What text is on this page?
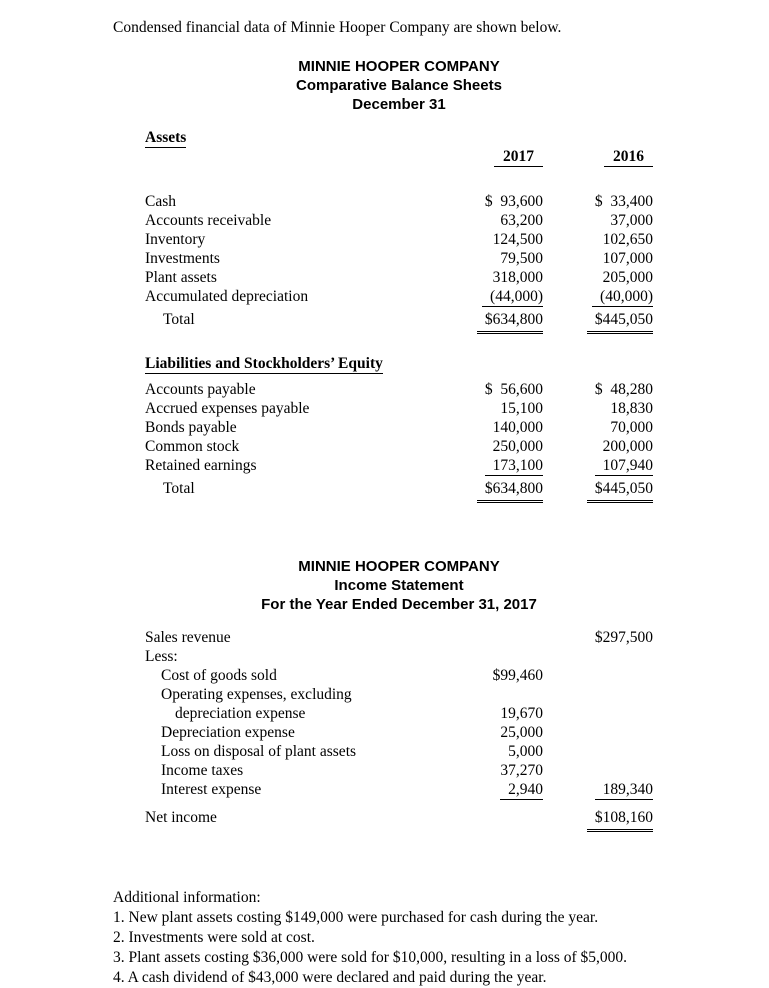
Condensed financial data of Minnie Hooper Company are shown below.

MINNIE HOOPER COMPANY
Comparative Balance Sheets
December 31
Assets

2017
	2016

Cash	$  93,600	$  33,400
Accounts receivable	63,200	37,000
Inventory	124,500	102,650
Investments	79,500	107,000
Plant assets	318,000	205,000
Accumulated depreciation	(44,000)	(40,000)
Total	$634,800	$445,050
Liabilities and Stockholders’ Equity
Accounts payable	$  56,600	$  48,280
Accrued expenses payable	15,100	18,830
Bonds payable	140,000	70,000
Common stock	250,000	200,000
Retained earnings	173,100	107,940
Total	$634,800	$445,050
MINNIE HOOPER COMPANY
Income Statement
For the Year Ended December 31, 2017
Sales revenue	$297,500
Less:
Cost of goods sold	$99,460
Operating expenses, excluding
depreciation expense	19,670
Depreciation expense	25,000
Loss on disposal of plant assets	5,000
Income taxes	37,270
Interest expense	2,940	189,340
Net income	$108,160

Additional information:

1. New plant assets costing $149,000 were purchased for cash during the year.

2. Investments were sold at cost.

3. Plant assets costing $36,000 were sold for $10,000, resulting in a loss of $5,000.

4. A cash dividend of $43,000 were declared and paid during the year.
